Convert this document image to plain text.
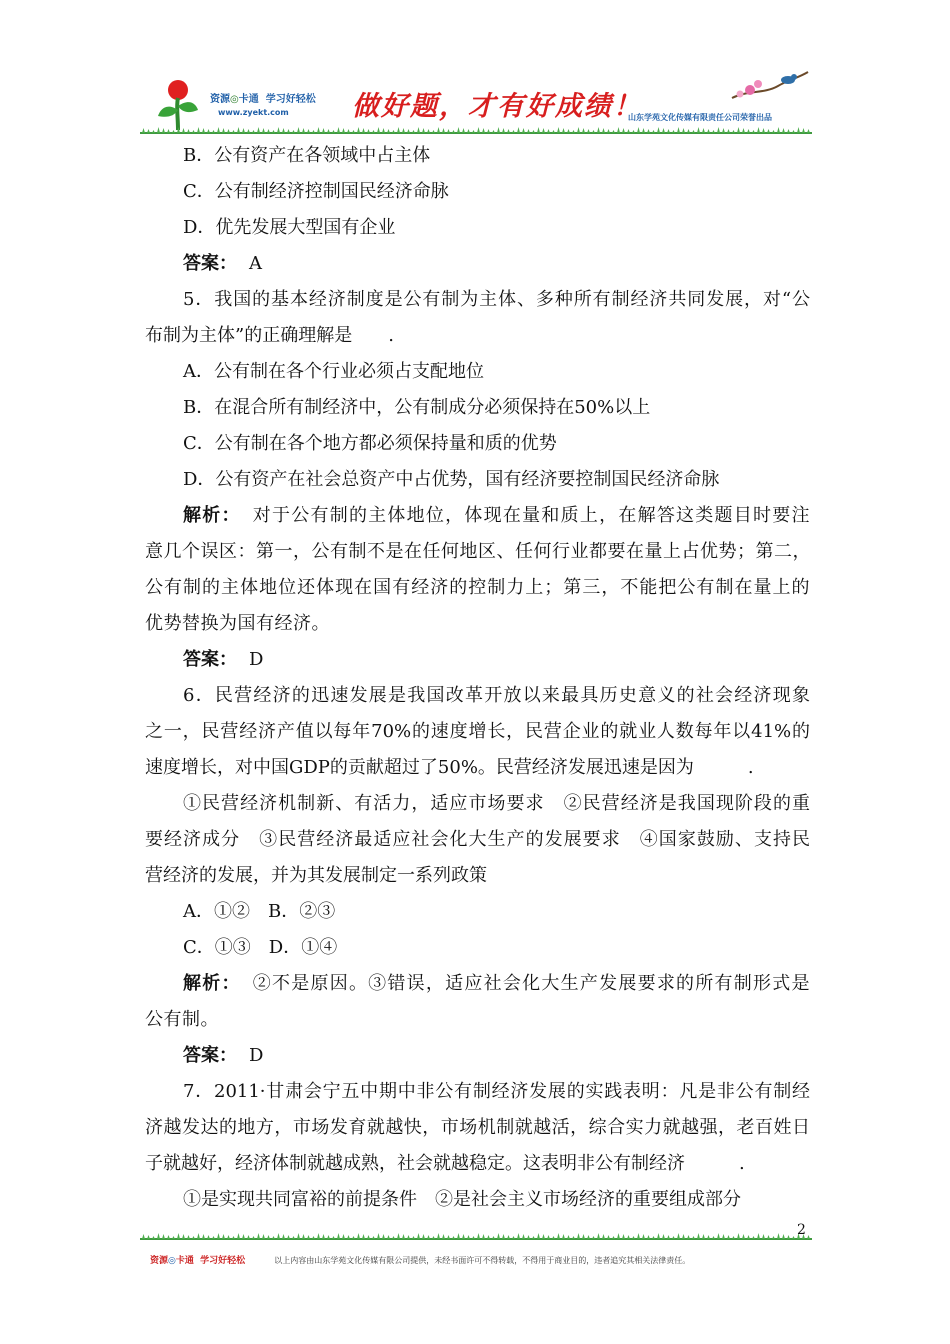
资源◎卡通 学习好轻松
www.zyekt.com 做好题，才有好成绩！
山东学苑文化传媒有限责任公司荣誉出品
B．公有资产在各领域中占主体
C．公有制经济控制国民经济命脉
D．优先发展大型国有企业
答案： A
5．我国的基本经济制度是公有制为主体、多种所有制经济共同发展，对“公
布制为主体”的正确理解是　　.
A．公有制在各个行业必须占支配地位
B．在混合所有制经济中，公有制成分必须保持在50%以上
C．公有制在各个地方都必须保持量和质的优势
D．公有资产在社会总资产中占优势，国有经济要控制国民经济命脉
解析： 对于公有制的主体地位，体现在量和质上，在解答这类题目时要注
意几个误区：第一，公有制不是在任何地区、任何行业都要在量上占优势；第二，
公有制的主体地位还体现在国有经济的控制力上；第三，不能把公有制在量上的
优势替换为国有经济。
答案： D
6．民营经济的迅速发展是我国改革开放以来最具历史意义的社会经济现象
之一，民营经济产值以每年70%的速度增长，民营企业的就业人数每年以41%的
速度增长，对中国GDP的贡献超过了50%。民营经济发展迅速是因为　　　.
①民营经济机制新、有活力，适应市场要求　②民营经济是我国现阶段的重
要经济成分　③民营经济最适应社会化大生产的发展要求　④国家鼓励、支持民
营经济的发展，并为其发展制定一系列政策
A．①②　B．②③
C．①③　D．①④
解析： ②不是原因。③错误，适应社会化大生产发展要求的所有制形式是
公有制。
答案： D
7．2011·甘肃会宁五中期中非公有制经济发展的实践表明：凡是非公有制经
济越发达的地方，市场发育就越快，市场机制就越活，综合实力就越强，老百姓日
子就越好，经济体制就越成熟，社会就越稳定。这表明非公有制经济　　　.
①是实现共同富裕的前提条件　②是社会主义市场经济的重要组成部分
2
资源◎卡通 学习好轻松	以上内容由山东学苑文化传媒有限公司提供，未经书面许可不得转载，不得用于商业目的，违者追究其相关法律责任。
